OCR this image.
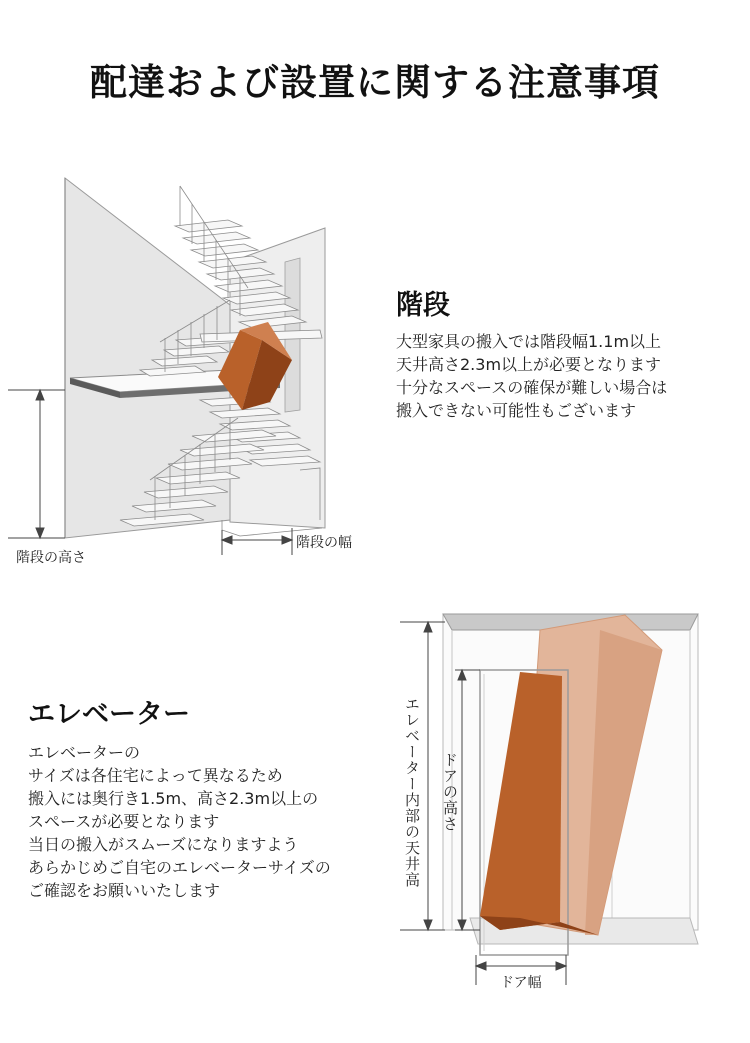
配達および設置に関する注意事項
階段の高さ
階段の幅
階段
大型家具の搬入では階段幅1.1m以上
天井高さ2.3m以上が必要となります
十分なスペースの確保が難しい場合は
搬入できない可能性もございます
エレベーター
エレベーターの
サイズは各住宅によって異なるため
搬入には奥行き1.5m、高さ2.3m以上の
スペースが必要となります
当日の搬入がスムーズになりますよう
あらかじめご自宅のエレベーターサイズの
ご確認をお願いいたします
エレベーター内部の天井高 ドアの高さ
ドア幅
